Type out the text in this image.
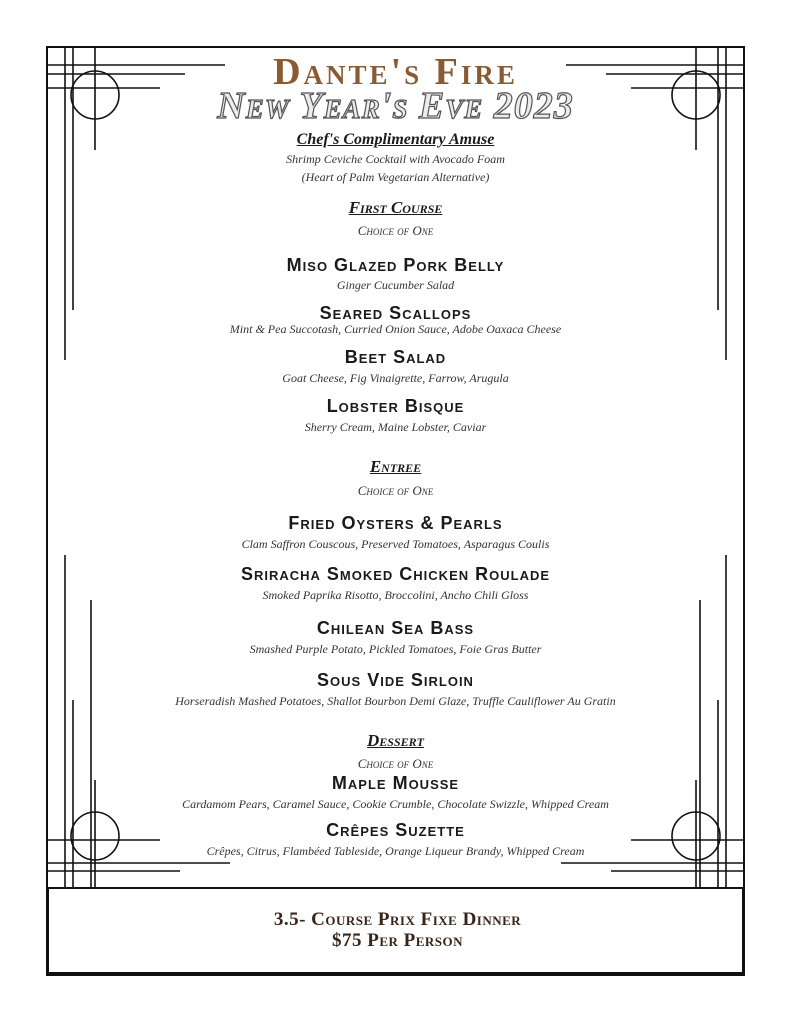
Dante's Fire
New Year's Eve 2023
Chef's Complimentary Amuse
Shrimp Ceviche Cocktail with Avocado Foam
(Heart of Palm Vegetarian Alternative)
First Course
Choice of One
Miso Glazed Pork Belly
Ginger Cucumber Salad
Seared Scallops
Mint & Pea Succotash, Curried Onion Sauce, Adobe Oaxaca Cheese
Beet Salad
Goat Cheese, Fig Vinaigrette, Farrow, Arugula
Lobster Bisque
Sherry Cream, Maine Lobster, Caviar
Entree
Choice of One
Fried Oysters & Pearls
Clam Saffron Couscous, Preserved Tomatoes, Asparagus Coulis
Sriracha Smoked Chicken Roulade
Smoked Paprika Risotto, Broccolini, Ancho Chili Gloss
Chilean Sea Bass
Smashed Purple Potato, Pickled Tomatoes, Foie Gras Butter
Sous Vide Sirloin
Horseradish Mashed Potatoes, Shallot Bourbon Demi Glaze, Truffle Cauliflower Au Gratin
Dessert
Choice of One
Maple Mousse
Cardamom Pears, Caramel Sauce, Cookie Crumble, Chocolate Swizzle, Whipped Cream
Crêpes Suzette
Crêpes, Citrus, Flambéed Tableside, Orange Liqueur Brandy, Whipped Cream
3.5- Course Prix Fixe Dinner
$75 Per Person
